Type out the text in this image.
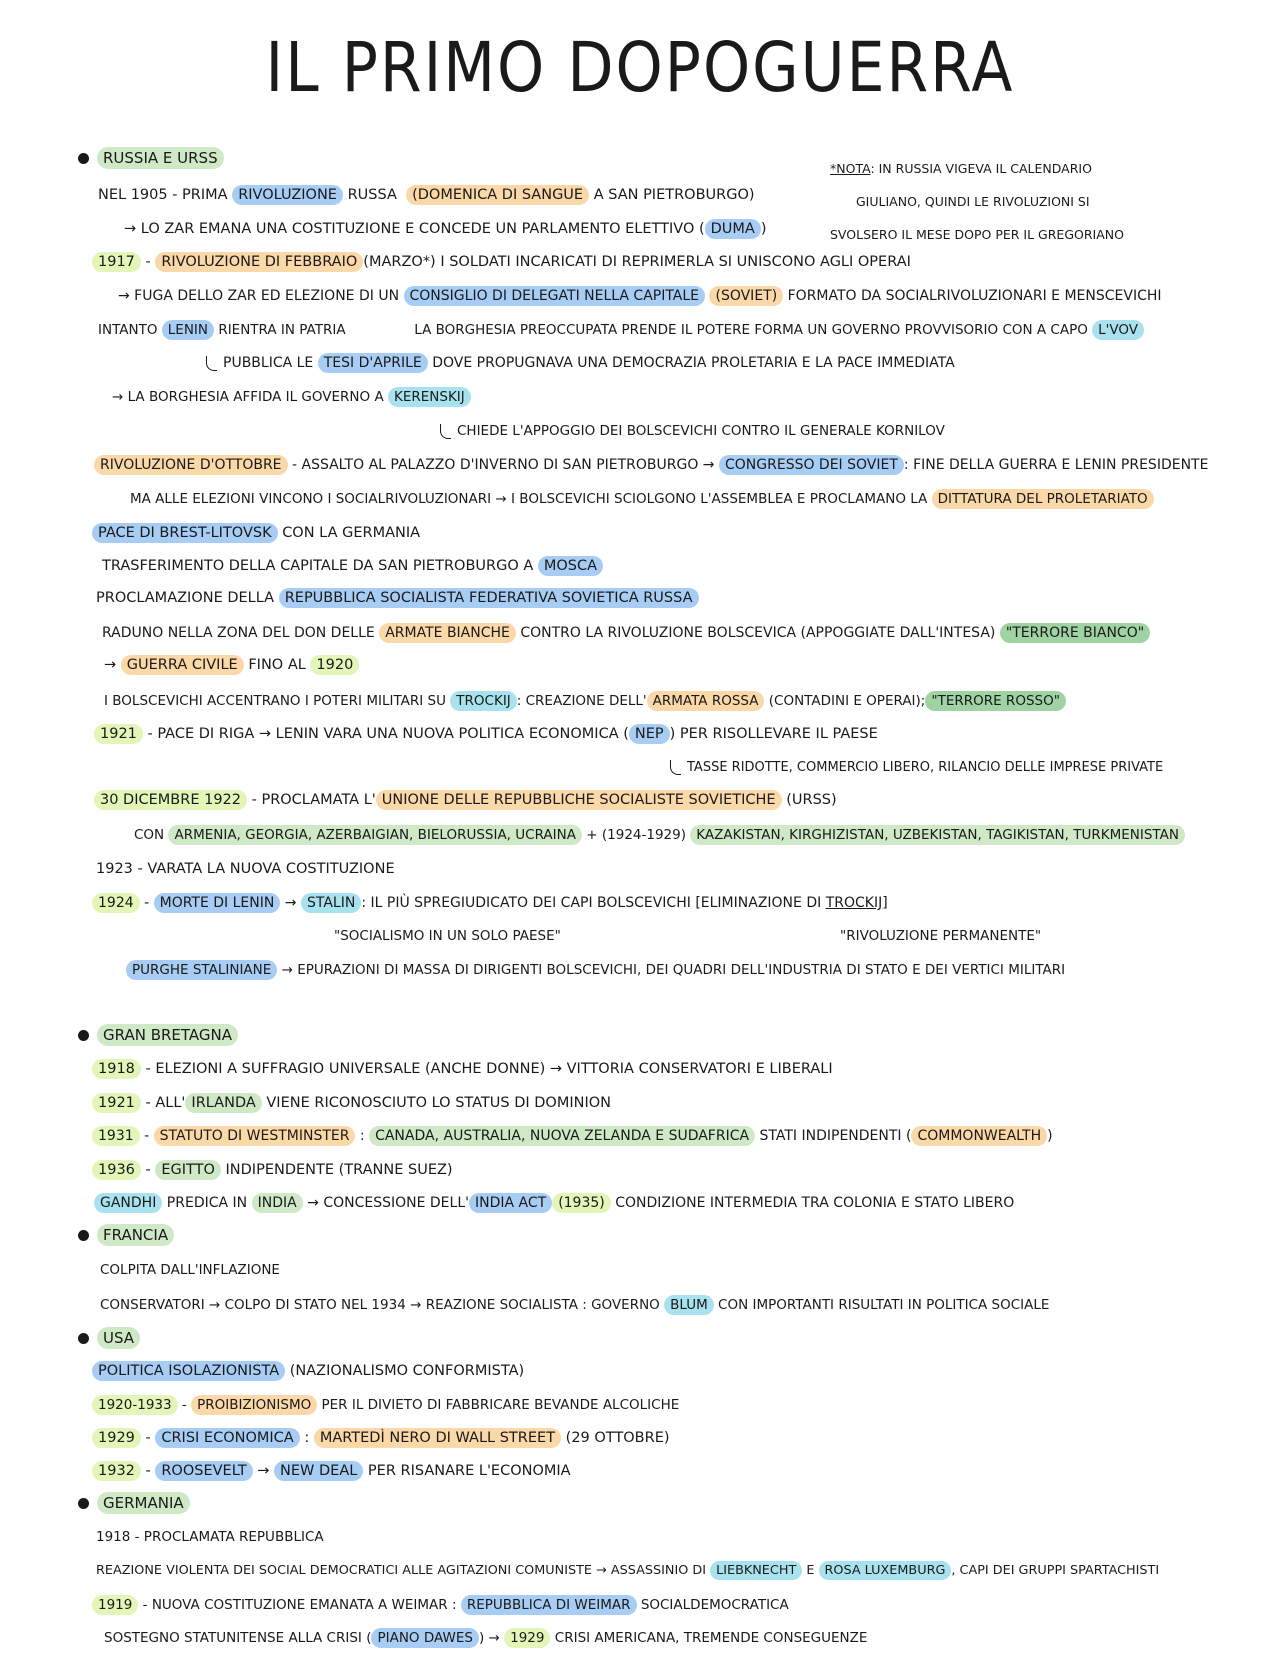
IL PRIMO DOPOGUERRA
*NOTA: IN RUSSIA VIGEVA IL CALENDARIO
GIULIANO, QUINDI LE RIVOLUZIONI SI
SVOLSERO IL MESE DOPO PER IL GREGORIANO
RUSSIA E URSS
NEL 1905 - PRIMA RIVOLUZIONE RUSSA (DOMENICA DI SANGUE A SAN PIETROBURGO)
→ LO ZAR EMANA UNA COSTITUZIONE E CONCEDE UN PARLAMENTO ELETTIVO ( DUMA )
1917 - RIVOLUZIONE DI FEBBRAIO (MARZO*) I SOLDATI INCARICATI DI REPRIMERLA SI UNISCONO AGLI OPERAI
→ FUGA DELLO ZAR ED ELEZIONE DI UN CONSIGLIO DI DELEGATI NELLA CAPITALE (SOVIET) FORMATO DA SOCIALRIVOLUZIONARI E MENSCEVICHI
INTANTO LENIN RIENTRA IN PATRIA	LA BORGHESIA PREOCCUPATA PRENDE IL POTERE FORMA UN GOVERNO PROVVISORIO CON A CAPO L'VOV
PUBBLICA LE TESI D'APRILE DOVE PROPUGNAVA UNA DEMOCRAZIA PROLETARIA E LA PACE IMMEDIATA
→ LA BORGHESIA AFFIDA IL GOVERNO A KERENSKIJ
CHIEDE L'APPOGGIO DEI BOLSCEVICHI CONTRO IL GENERALE KORNILOV
RIVOLUZIONE D'OTTOBRE - ASSALTO AL PALAZZO D'INVERNO DI SAN PIETROBURGO → CONGRESSO DEI SOVIET : FINE DELLA GUERRA E LENIN PRESIDENTE
MA ALLE ELEZIONI VINCONO I SOCIALRIVOLUZIONARI → I BOLSCEVICHI SCIOLGONO L'ASSEMBLEA E PROCLAMANO LA DITTATURA DEL PROLETARIATO
PACE DI BREST-LITOVSK CON LA GERMANIA
TRASFERIMENTO DELLA CAPITALE DA SAN PIETROBURGO A MOSCA
PROCLAMAZIONE DELLA REPUBBLICA SOCIALISTA FEDERATIVA SOVIETICA RUSSA
RADUNO NELLA ZONA DEL DON DELLE ARMATE BIANCHE CONTRO LA RIVOLUZIONE BOLSCEVICA (APPOGGIATE DALL'INTESA) "TERRORE BIANCO"
→ GUERRA CIVILE FINO AL 1920
I BOLSCEVICHI ACCENTRANO I POTERI MILITARI SU TROCKIJ : CREAZIONE DELL' ARMATA ROSSA (CONTADINI E OPERAI); "TERRORE ROSSO"
1921 - PACE DI RIGA → LENIN VARA UNA NUOVA POLITICA ECONOMICA ( NEP ) PER RISOLLEVARE IL PAESE
TASSE RIDOTTE, COMMERCIO LIBERO, RILANCIO DELLE IMPRESE PRIVATE
30 DICEMBRE 1922 - PROCLAMATA L' UNIONE DELLE REPUBBLICHE SOCIALISTE SOVIETICHE (URSS)
CON ARMENIA, GEORGIA, AZERBAIGIAN, BIELORUSSIA, UCRAINA + (1924-1929) KAZAKISTAN, KIRGHIZISTAN, UZBEKISTAN, TAGIKISTAN, TURKMENISTAN
1923 - VARATA LA NUOVA COSTITUZIONE
1924 - MORTE DI LENIN → STALIN : IL PIÙ SPREGIUDICATO DEI CAPI BOLSCEVICHI [ELIMINAZIONE DI TROCKIJ]
"SOCIALISMO IN UN SOLO PAESE"	"RIVOLUZIONE PERMANENTE"
PURGHE STALINIANE → EPURAZIONI DI MASSA DI DIRIGENTI BOLSCEVICHI, DEI QUADRI DELL'INDUSTRIA DI STATO E DEI VERTICI MILITARI
GRAN BRETAGNA
1918 - ELEZIONI A SUFFRAGIO UNIVERSALE (ANCHE DONNE) → VITTORIA CONSERVATORI E LIBERALI
1921 - ALL' IRLANDA VIENE RICONOSCIUTO LO STATUS DI DOMINION
1931 - STATUTO DI WESTMINSTER : CANADA, AUSTRALIA, NUOVA ZELANDA E SUDAFRICA STATI INDIPENDENTI ( COMMONWEALTH )
1936 - EGITTO INDIPENDENTE (TRANNE SUEZ)
GANDHI PREDICA IN INDIA → CONCESSIONE DELL' INDIA ACT (1935) CONDIZIONE INTERMEDIA TRA COLONIA E STATO LIBERO
FRANCIA
COLPITA DALL'INFLAZIONE
CONSERVATORI → COLPO DI STATO NEL 1934 → REAZIONE SOCIALISTA : GOVERNO BLUM CON IMPORTANTI RISULTATI IN POLITICA SOCIALE
USA
POLITICA ISOLAZIONISTA (NAZIONALISMO CONFORMISTA)
1920-1933 - PROIBIZIONISMO PER IL DIVIETO DI FABBRICARE BEVANDE ALCOLICHE
1929 - CRISI ECONOMICA : MARTEDÌ NERO DI WALL STREET (29 OTTOBRE)
1932 - ROOSEVELT → NEW DEAL PER RISANARE L'ECONOMIA
GERMANIA
1918 - PROCLAMATA REPUBBLICA
REAZIONE VIOLENTA DEI SOCIAL DEMOCRATICI ALLE AGITAZIONI COMUNISTE → ASSASSINIO DI LIEBKNECHT E ROSA LUXEMBURG , CAPI DEI GRUPPI SPARTACHISTI
1919 - NUOVA COSTITUZIONE EMANATA A WEIMAR : REPUBBLICA DI WEIMAR SOCIALDEMOCRATICA
SOSTEGNO STATUNITENSE ALLA CRISI ( PIANO DAWES ) → 1929 CRISI AMERICANA, TREMENDE CONSEGUENZE
